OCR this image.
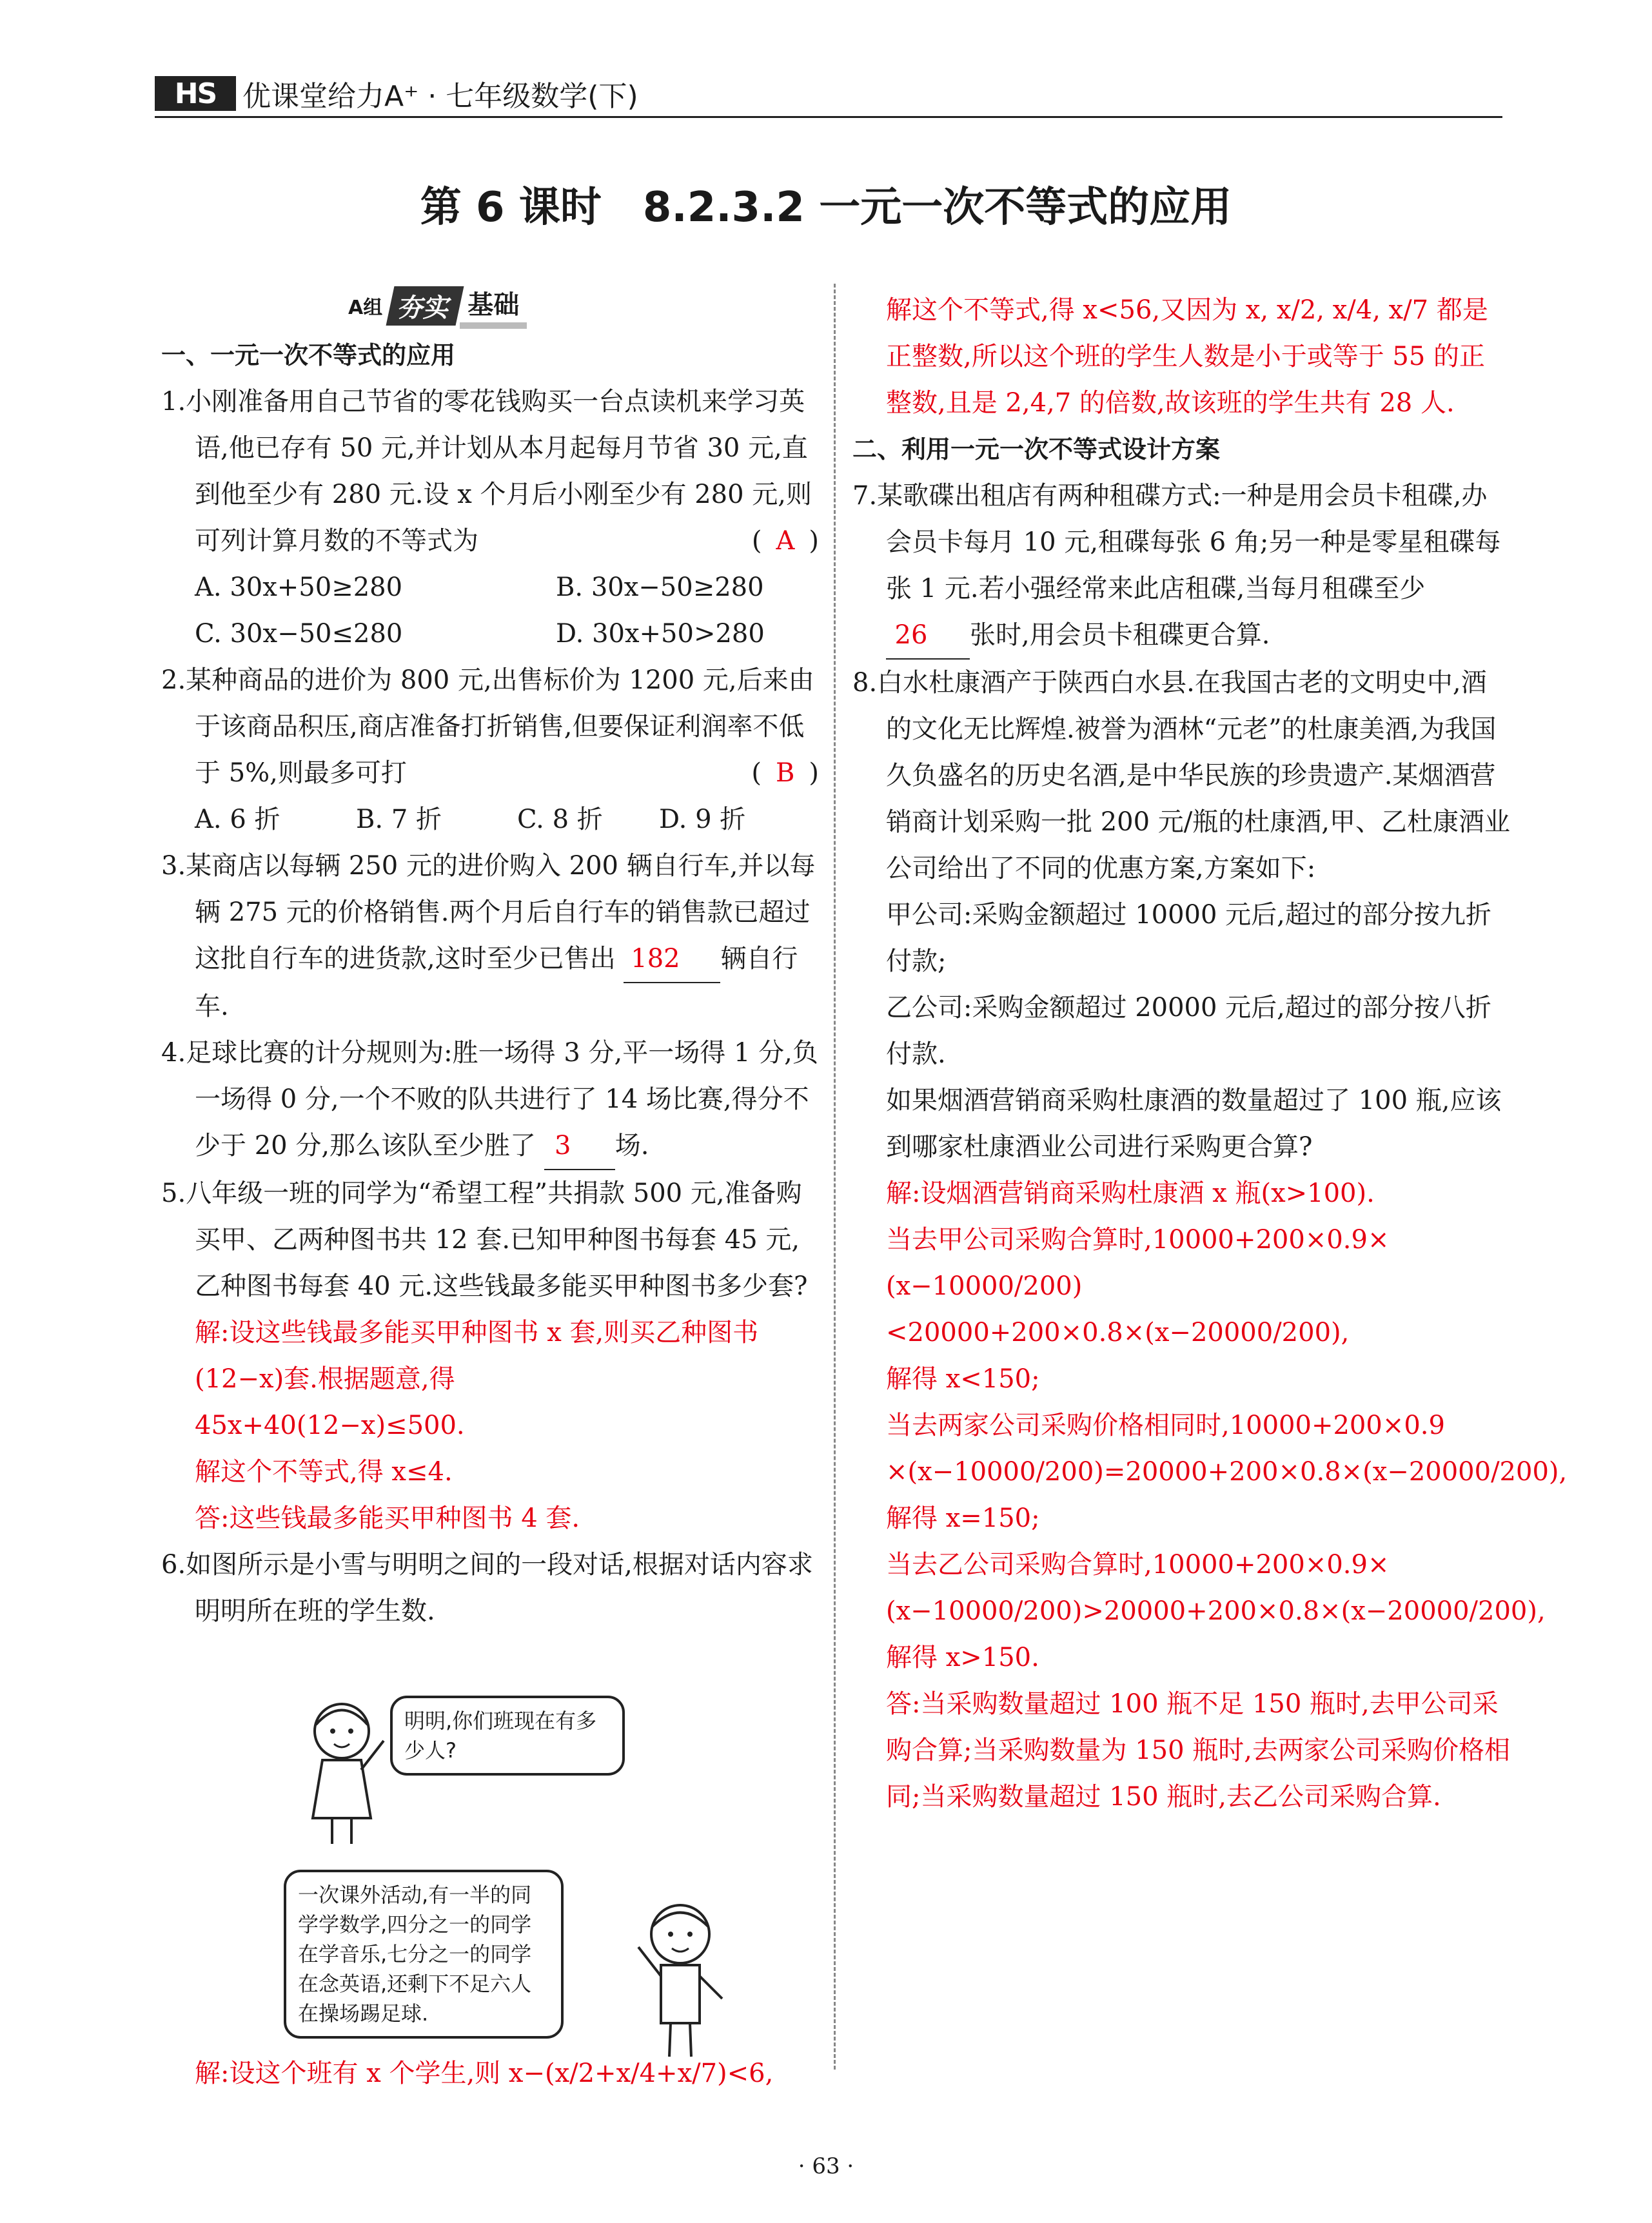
HS 优课堂给力A⁺ · 七年级数学(下)
第 6 课时　8.2.3.2 一元一次不等式的应用
A组 夯实 基础

一、一元一次不等式的应用

1.小刚准备用自己节省的零花钱购买一台点读机来学习英语,他已存有 50 元,并计划从本月起每月节省 30 元,直到他至少有 280 元.设 x 个月后小刚至少有 280 元,则可列计算月数的不等式为	( A )

A. 30x+50≥280	B. 30x−50≥280
C. 30x−50≤280	D. 30x+50>280

2.某种商品的进价为 800 元,出售标价为 1200 元,后来由于该商品积压,商店准备打折销售,但要保证利润率不低于 5%,则最多可打	( B )

A. 6 折	B. 7 折	C. 8 折	D. 9 折

3.某商店以每辆 250 元的进价购入 200 辆自行车,并以每辆 275 元的价格销售.两个月后自行车的销售款已超过这批自行车的进货款,这时至少已售出 182 辆自行车.

4.足球比赛的计分规则为:胜一场得 3 分,平一场得 1 分,负一场得 0 分,一个不败的队共进行了 14 场比赛,得分不少于 20 分,那么该队至少胜了 3 场.

5.八年级一班的同学为“希望工程”共捐款 500 元,准备购买甲、乙两种图书共 12 套.已知甲种图书每套 45 元,乙种图书每套 40 元.这些钱最多能买甲种图书多少套?

解:设这些钱最多能买甲种图书 x 套,则买乙种图书(12−x)套.根据题意,得

45x+40(12−x)≤500.

解这个不等式,得 x≤4.

答:这些钱最多能买甲种图书 4 套.

6.如图所示是小雪与明明之间的一段对话,根据对话内容求明明所在班的学生数.

明明,你们班现在有多少人?
一次课外活动,有一半的同学学数学,四分之一的同学在学音乐,七分之一的同学在念英语,还剩下不足六人在操场踢足球.

解:设这个班有 x 个学生,则 x−(x/2+x/4+x/7)<6,

解这个不等式,得 x<56,又因为 x, x/2, x/4, x/7 都是

正整数,所以这个班的学生人数是小于或等于 55 的正整数,且是 2,4,7 的倍数,故该班的学生共有 28 人.

二、利用一元一次不等式设计方案

7.某歌碟出租店有两种租碟方式:一种是用会员卡租碟,办会员卡每月 10 元,租碟每张 6 角;另一种是零星租碟每张 1 元.若小强经常来此店租碟,当每月租碟至少 26 张时,用会员卡租碟更合算.

8.白水杜康酒产于陕西白水县.在我国古老的文明史中,酒的文化无比辉煌.被誉为酒林“元老”的杜康美酒,为我国久负盛名的历史名酒,是中华民族的珍贵遗产.某烟酒营销商计划采购一批 200 元/瓶的杜康酒,甲、乙杜康酒业公司给出了不同的优惠方案,方案如下:

甲公司:采购金额超过 10000 元后,超过的部分按九折付款;

乙公司:采购金额超过 20000 元后,超过的部分按八折付款.

如果烟酒营销商采购杜康酒的数量超过了 100 瓶,应该到哪家杜康酒业公司进行采购更合算?

解:设烟酒营销商采购杜康酒 x 瓶(x>100).

当去甲公司采购合算时,10000+200×0.9×

(x−10000/200)<20000+200×0.8×(x−20000/200),

解得 x<150;

当去两家公司采购价格相同时,10000+200×0.9

×(x−10000/200)=20000+200×0.8×(x−20000/200),

解得 x=150;

当去乙公司采购合算时,10000+200×0.9×

(x−10000/200)>20000+200×0.8×(x−20000/200),

解得 x>150.

答:当采购数量超过 100 瓶不足 150 瓶时,去甲公司采购合算;当采购数量为 150 瓶时,去两家公司采购价格相同;当采购数量超过 150 瓶时,去乙公司采购合算.

· 63 ·
